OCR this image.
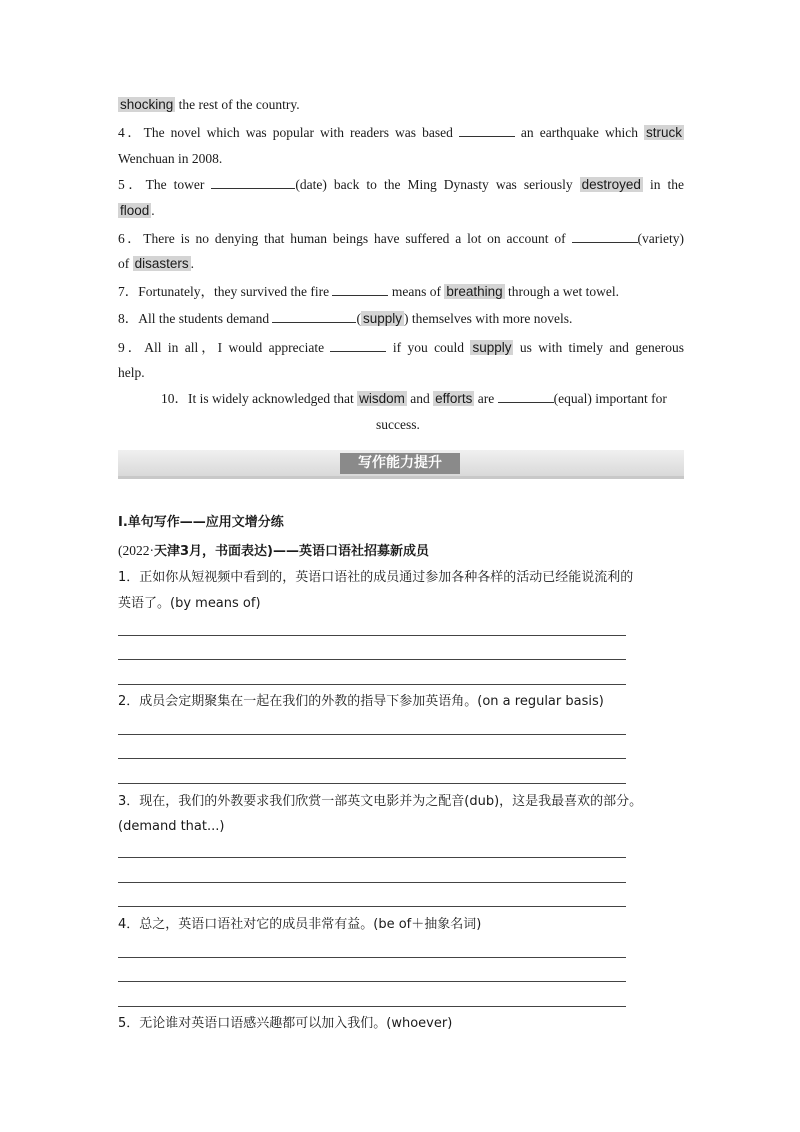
shocking the rest of the country.
4．The novel which was popular with readers was based	an earthquake which struck
Wenchuan in 2008.
5．The tower	(date) back to the Ming Dynasty was seriously destroyed in the
flood .
6．There is no denying that human beings have suffered a lot on account of	(variety)
of disasters .
7．Fortunately，they survived the fire	means of breathing through a wet towel.
8．All the students demand	( supply ) themselves with more novels.
9．All in all，I would appreciate	if you could supply us with timely and generous
help.
10．It is widely acknowledged that wisdom and efforts are	(equal) important for
success.
写作能力提升
Ⅰ.单句写作——应用文增分练
(2022·天津3月，书面表达)——英语口语社招募新成员
1．正如你从短视频中看到的，英语口语社的成员通过参加各种各样的活动已经能说流利的
英语了。(by means of)
2．成员会定期聚集在一起在我们的外教的指导下参加英语角。(on a regular basis)
3．现在，我们的外教要求我们欣赏一部英文电影并为之配音(dub)，这是我最喜欢的部分。
(demand that...)
4．总之，英语口语社对它的成员非常有益。(be of＋抽象名词)
5．无论谁对英语口语感兴趣都可以加入我们。(whoever)
